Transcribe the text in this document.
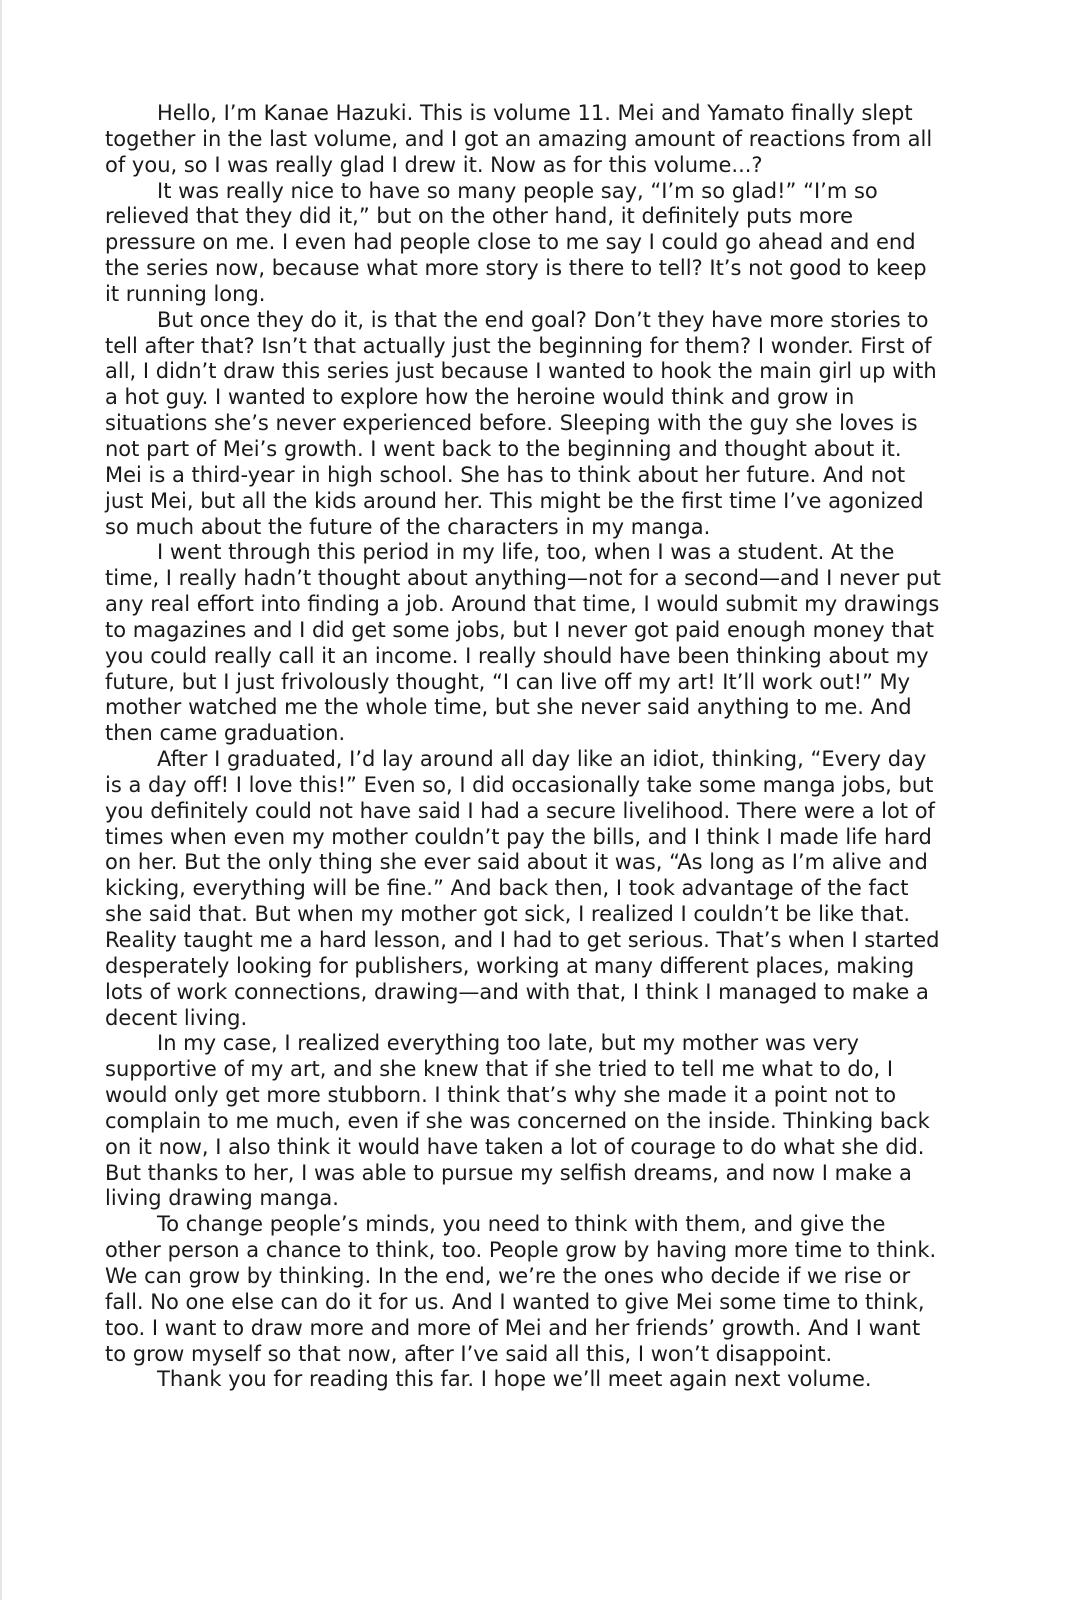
Hello, I’m Kanae Hazuki. This is volume 11. Mei and Yamato finally slept together in the last volume, and I got an amazing amount of reactions from all of you, so I was really glad I drew it. Now as for this volume...?

It was really nice to have so many people say, “I’m so glad!” “I’m so relieved that they did it,” but on the other hand, it definitely puts more pressure on me. I even had people close to me say I could go ahead and end the series now, because what more story is there to tell? It’s not good to keep it running long.

But once they do it, is that the end goal? Don’t they have more stories to tell after that? Isn’t that actually just the beginning for them? I wonder. First of all, I didn’t draw this series just because I wanted to hook the main girl up with a hot guy. I wanted to explore how the heroine would think and grow in situations she’s never experienced before. Sleeping with the guy she loves is not part of Mei’s growth. I went back to the beginning and thought about it. Mei is a third-year in high school. She has to think about her future. And not just Mei, but all the kids around her. This might be the first time I’ve agonized so much about the future of the characters in my manga.

I went through this period in my life, too, when I was a student. At the time, I really hadn’t thought about anything—not for a second—and I never put any real effort into finding a job. Around that time, I would submit my drawings to magazines and I did get some jobs, but I never got paid enough money that you could really call it an income. I really should have been thinking about my future, but I just frivolously thought, “I can live off my art! It’ll work out!” My mother watched me the whole time, but she never said anything to me. And then came graduation.

After I graduated, I’d lay around all day like an idiot, thinking, “Every day is a day off! I love this!” Even so, I did occasionally take some manga jobs, but you definitely could not have said I had a secure livelihood. There were a lot of times when even my mother couldn’t pay the bills, and I think I made life hard on her. But the only thing she ever said about it was, “As long as I’m alive and kicking, everything will be fine.” And back then, I took advantage of the fact she said that. But when my mother got sick, I realized I couldn’t be like that. Reality taught me a hard lesson, and I had to get serious. That’s when I started desperately looking for publishers, working at many different places, making lots of work connections, drawing—and with that, I think I managed to make a decent living.

In my case, I realized everything too late, but my mother was very supportive of my art, and she knew that if she tried to tell me what to do, I would only get more stubborn. I think that’s why she made it a point not to complain to me much, even if she was concerned on the inside. Thinking back on it now, I also think it would have taken a lot of courage to do what she did. But thanks to her, I was able to pursue my selfish dreams, and now I make a living drawing manga.

To change people’s minds, you need to think with them, and give the other person a chance to think, too. People grow by having more time to think. We can grow by thinking. In the end, we’re the ones who decide if we rise or fall. No one else can do it for us. And I wanted to give Mei some time to think, too. I want to draw more and more of Mei and her friends’ growth. And I want to grow myself so that now, after I’ve said all this, I won’t disappoint.

Thank you for reading this far. I hope we’ll meet again next volume.
